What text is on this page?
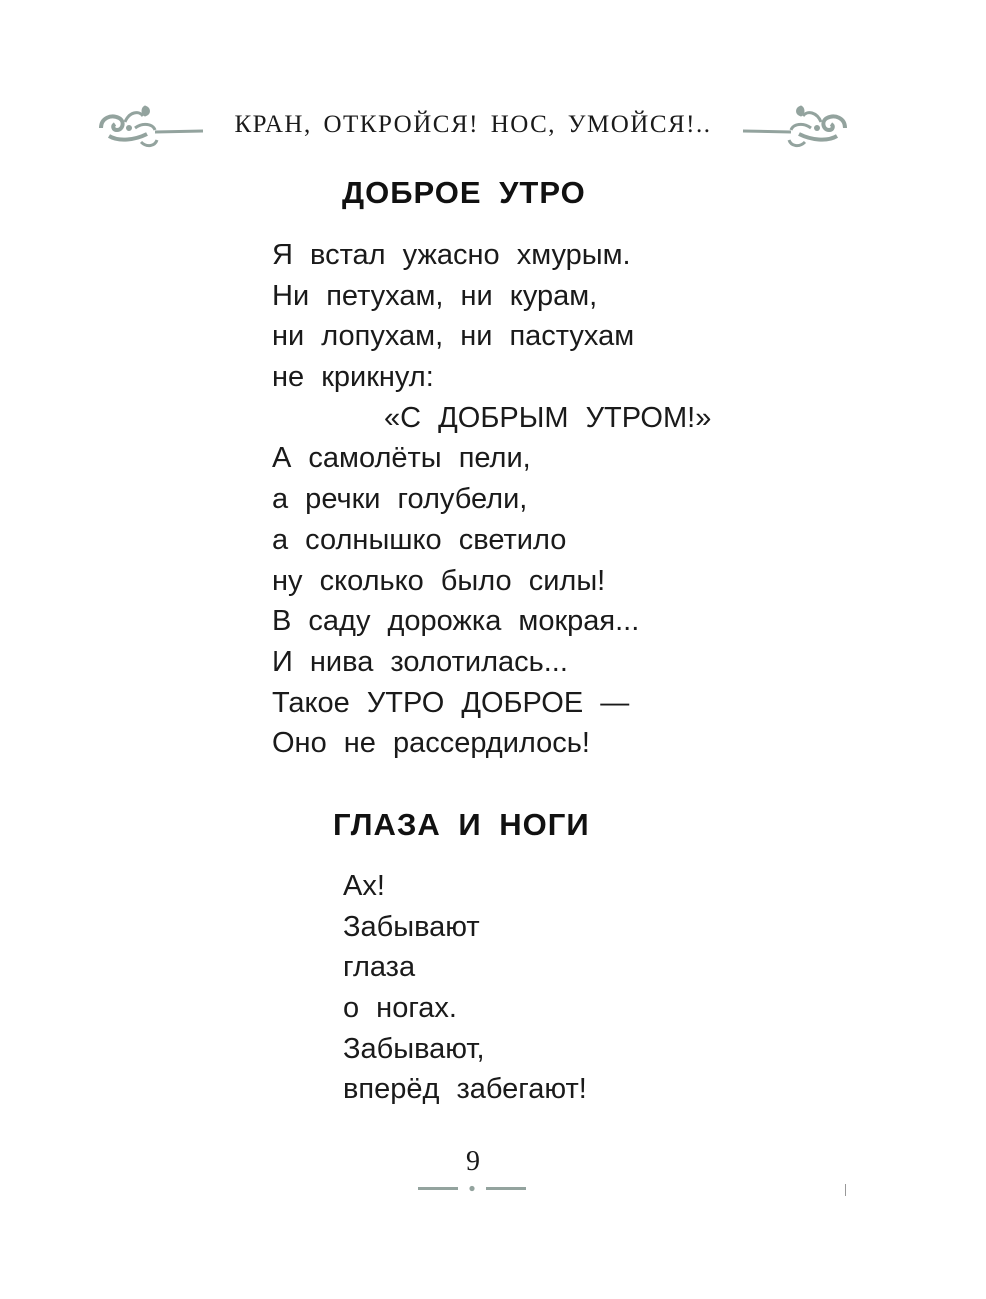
КРАН, ОТКРОЙСЯ! НОС, УМОЙСЯ!..
ДОБРОЕ УТРО
Я встал ужасно хмурым.
Ни петухам, ни курам,
ни лопухам, ни пастухам
не крикнул:
«С ДОБРЫМ УТРОМ!»
А самолёты пели,
а речки голубели,
а солнышко светило
ну сколько было силы!
В саду дорожка мокрая...
И нива золотилась...
Такое УТРО ДОБРОЕ —
Оно не рассердилось!
ГЛАЗА И НОГИ
Ах!
Забывают
глаза
о ногах.
Забывают,
вперёд забегают!
9
